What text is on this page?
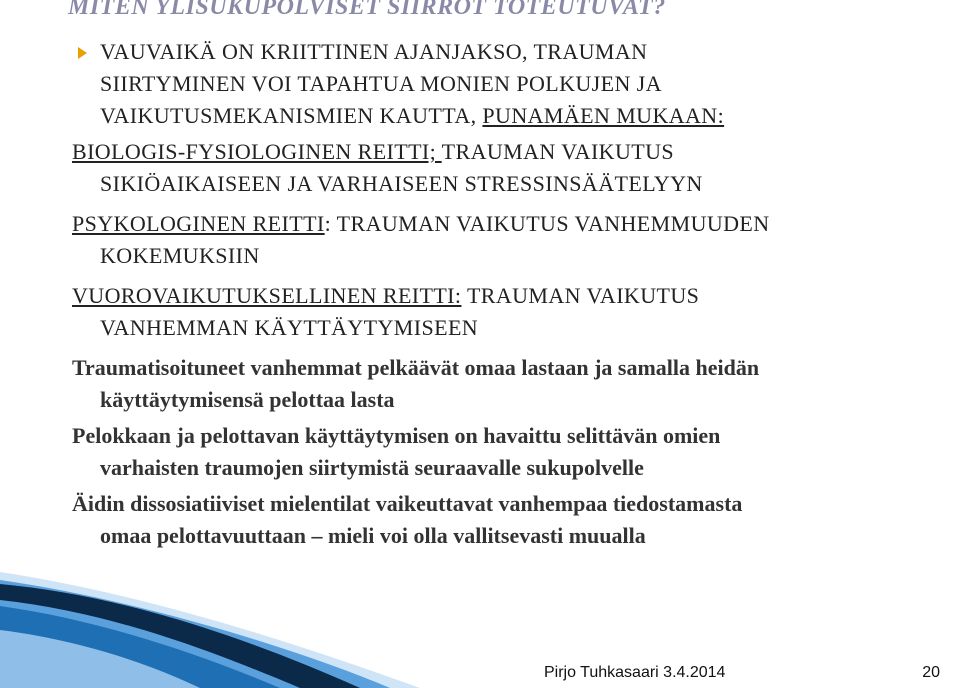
MITEN YLISUKUPOLVISET SIIRROT TOTEUTUVAT?

VAUVAIKÄ ON KRIITTINEN AJANJAKSO, TRAUMAN
SIIRTYMINEN VOI TAPAHTUA MONIEN POLKUJEN JA
VAIKUTUSMEKANISMIEN KAUTTA, PUNAMÄEN MUKAAN:

BIOLOGIS-FYSIOLOGINEN REITTI; TRAUMAN VAIKUTUS
SIKIÖAIKAISEEN JA VARHAISEEN STRESSINSÄÄTELYYN

PSYKOLOGINEN REITTI: TRAUMAN VAIKUTUS VANHEMMUUDEN
KOKEMUKSIIN

VUOROVAIKUTUKSELLINEN REITTI: TRAUMAN VAIKUTUS
VANHEMMAN KÄYTTÄYTYMISEEN

Traumatisoituneet vanhemmat pelkäävät omaa lastaan ja samalla heidän
käyttäytymisensä pelottaa lasta

Pelokkaan ja pelottavan käyttäytymisen on havaittu selittävän omien
varhaisten traumojen siirtymistä seuraavalle sukupolvelle

Äidin dissosiatiiviset mielentilat vaikeuttavat vanhempaa tiedostamasta
omaa pelottavuuttaan – mieli voi olla vallitsevasti muualla

Pirjo Tuhkasaari 3.4.2014	20
